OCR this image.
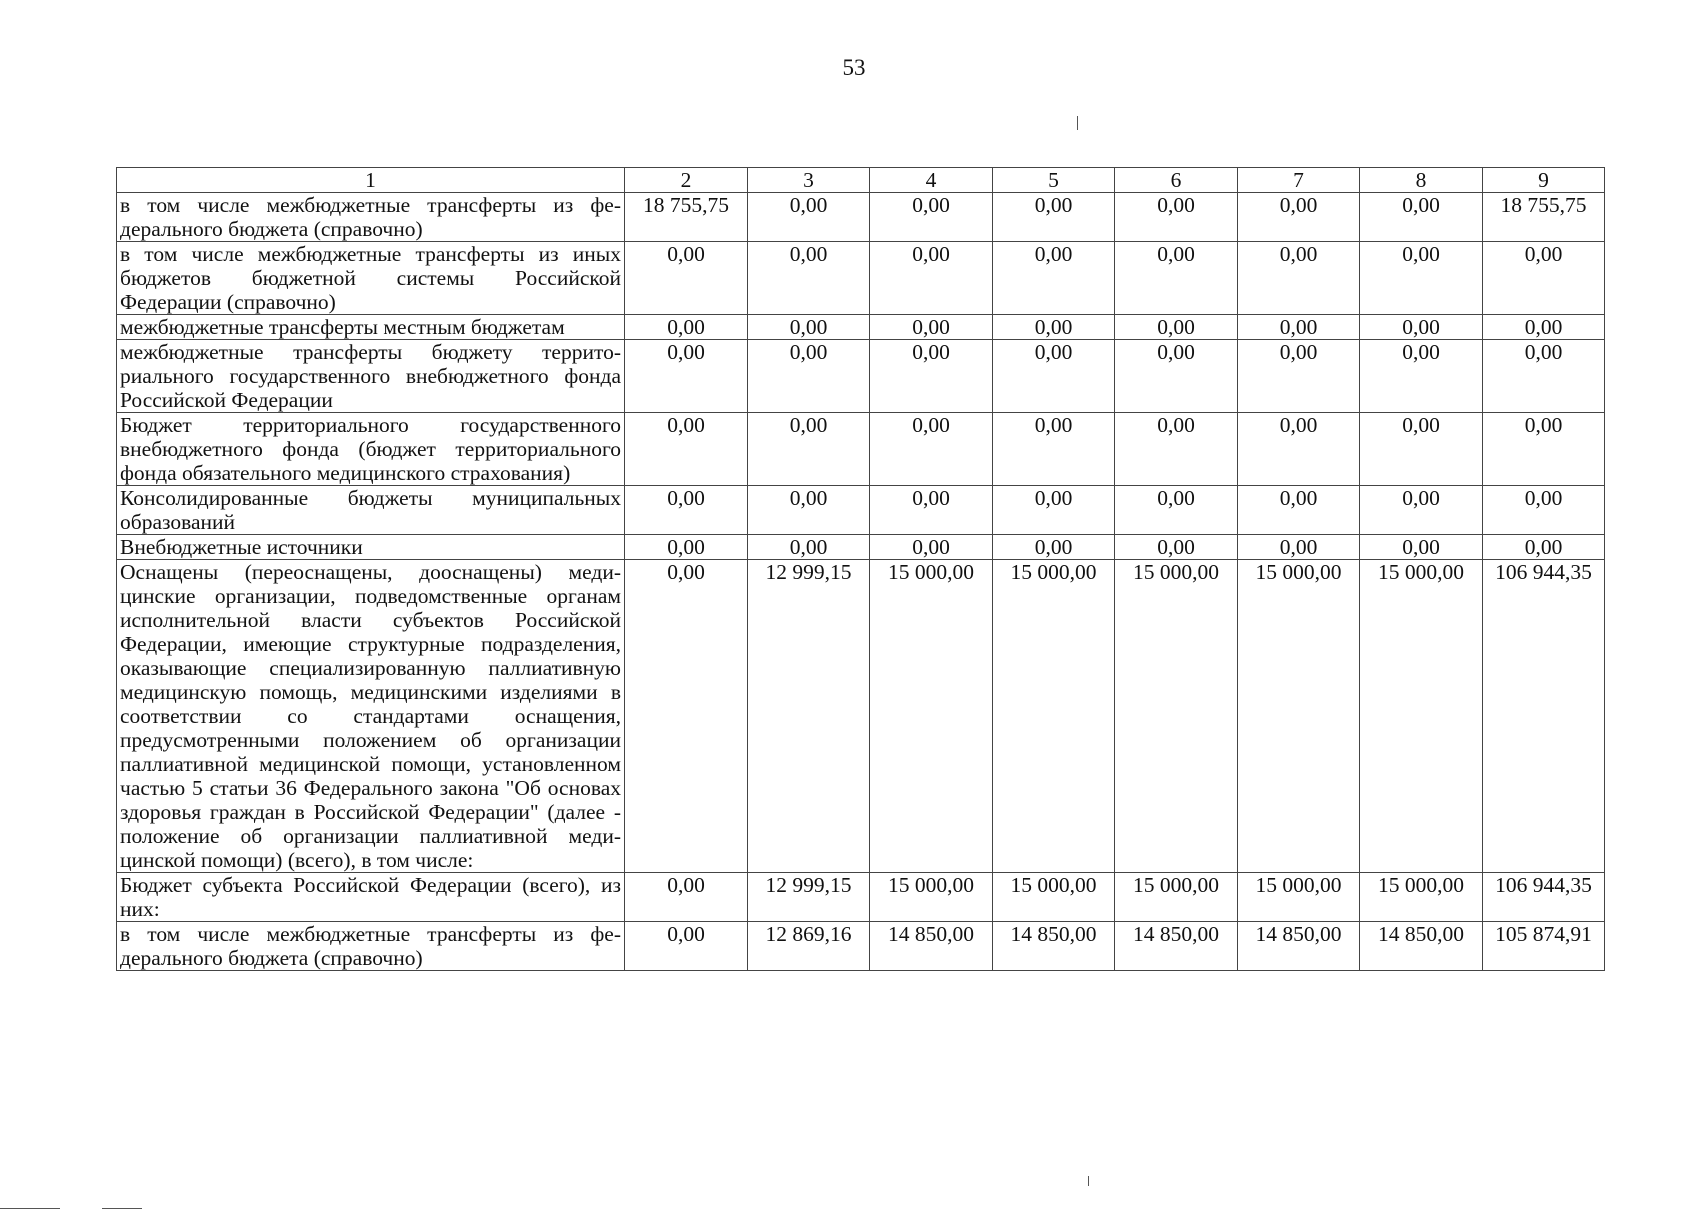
53
1	2	3	4	5	6	7	8	9
в том числе межбюджетные трансферты из федерального бюджета (справочно)	18 755,75	0,00	0,00	0,00	0,00	0,00	0,00	18 755,75
в том числе межбюджетные трансферты из иных бюджетов бюджетной системы Российской Федерации (справочно)	0,00	0,00	0,00	0,00	0,00	0,00	0,00	0,00
межбюджетные трансферты местным бюджетам	0,00	0,00	0,00	0,00	0,00	0,00	0,00	0,00
межбюджетные трансферты бюджету территориального государственного внебюджетного фонда Российской Федерации	0,00	0,00	0,00	0,00	0,00	0,00	0,00	0,00
Бюджет территориального государственного внебюджетного фонда (бюджет территориального фонда обязательного медицинского страхования)	0,00	0,00	0,00	0,00	0,00	0,00	0,00	0,00
Консолидированные бюджеты муниципальных образований	0,00	0,00	0,00	0,00	0,00	0,00	0,00	0,00
Внебюджетные источники	0,00	0,00	0,00	0,00	0,00	0,00	0,00	0,00
Оснащены (переоснащены, дооснащены) медицинские организации, подведомственные органам исполнительной власти субъектов Российской Федерации, имеющие структурные подразделения, оказывающие специализированную паллиативную медицинскую помощь, медицинскими изделиями в соответствии со стандартами оснащения, предусмотренными положением об организации паллиативной медицинской помощи, установленном частью 5 статьи 36 Федерального закона "Об основах здоровья граждан в Российской Федерации" (далее - положение об организации паллиативной медицинской помощи) (всего), в том числе:	0,00	12 999,15	15 000,00	15 000,00	15 000,00	15 000,00	15 000,00	106 944,35
Бюджет субъекта Российской Федерации (всего), из них:	0,00	12 999,15	15 000,00	15 000,00	15 000,00	15 000,00	15 000,00	106 944,35
в том числе межбюджетные трансферты из федерального бюджета (справочно)	0,00	12 869,16	14 850,00	14 850,00	14 850,00	14 850,00	14 850,00	105 874,91
